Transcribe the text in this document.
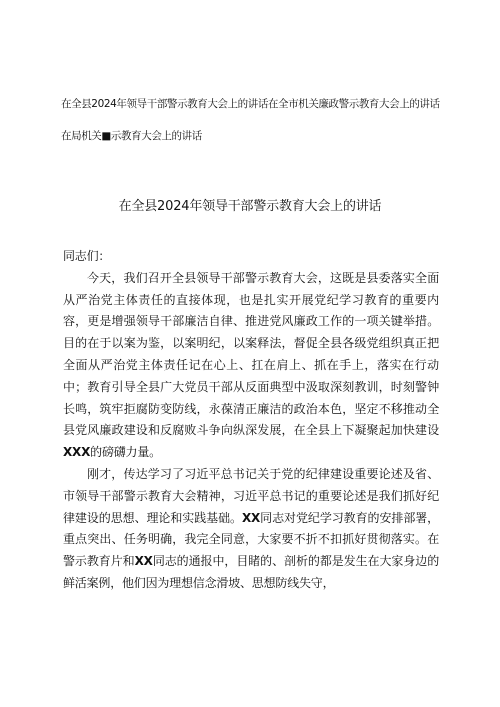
在全县2024年领导干部警示教育大会上的讲话在全市机关廉政警示教育大会上的讲话
在局机关■示教育大会上的讲话
在全县2024年领导干部警示教育大会上的讲话

同志们：

今天，我们召开全县领导干部警示教育大会，这既是县委落实全面从严治党主体责任的直接体现，也是扎实开展党纪学习教育的重要内容，更是增强领导干部廉洁自律、推进党风廉政工作的一项关键举措。目的在于以案为鉴，以案明纪，以案释法，督促全县各级党组织真正把全面从严治党主体责任记在心上、扛在肩上、抓在手上，落实在行动中；教育引导全县广大党员干部从反面典型中汲取深刻教训，时刻警钟长鸣，筑牢拒腐防变防线，永葆清正廉洁的政治本色，坚定不移推动全县党风廉政建设和反腐败斗争向纵深发展，在全县上下凝聚起加快建设XXX的磅礴力量。

刚才，传达学习了习近平总书记关于党的纪律建设重要论述及省、市领导干部警示教育大会精神，习近平总书记的重要论述是我们抓好纪律建设的思想、理论和实践基础。XX同志对党纪学习教育的安排部署，重点突出、任务明确，我完全同意，大家要不折不扣抓好贯彻落实。在警示教育片和XX同志的通报中，目睹的、剖析的都是发生在大家身边的鲜活案例，他们因为理想信念滑坡、思想防线失守，
